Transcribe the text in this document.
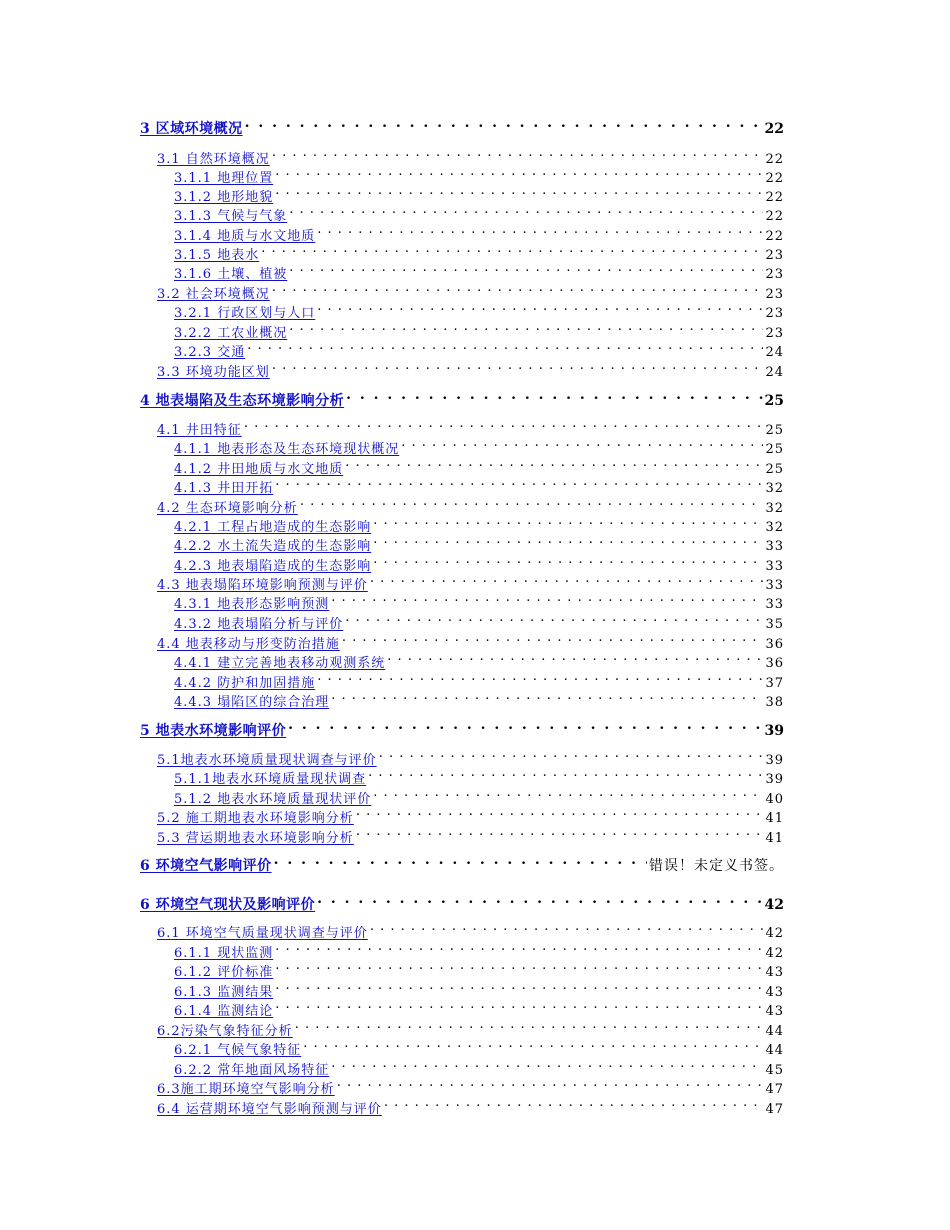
3 区域环境概况 . . .	22
3.1 自然环境概况 . . .	22
3.1.1 地理位置 . . .	22
3.1.2 地形地貌 . . .	22
3.1.3 气候与气象 . . .	22
3.1.4 地质与水文地质 . . .	22
3.1.5 地表水 . . .	23
3.1.6 土壤、植被 . . .	23
3.2 社会环境概况 . . .	23
3.2.1 行政区划与人口 . . .	23
3.2.2 工农业概况 . . .	23
3.2.3 交通 . . .	24
3.3 环境功能区划 . . .	24
4 地表塌陷及生态环境影响分析 . . .	25
4.1 井田特征 . . .	25
4.1.1 地表形态及生态环境现状概况 . . .	25
4.1.2 井田地质与水文地质 . . .	25
4.1.3 井田开拓 . . .	32
4.2 生态环境影响分析 . . .	32
4.2.1 工程占地造成的生态影响 . . .	32
4.2.2 水土流失造成的生态影响 . . .	33
4.2.3 地表塌陷造成的生态影响 . . .	33
4.3 地表塌陷环境影响预测与评价 . . .	33
4.3.1 地表形态影响预测 . . .	33
4.3.2 地表塌陷分析与评价 . . .	35
4.4 地表移动与形变防治措施 . . .	36
4.4.1 建立完善地表移动观测系统 . . .	36
4.4.2 防护和加固措施 . . .	37
4.4.3 塌陷区的综合治理 . . .	38
5 地表水环境影响评价 . . .	39
5.1地表水环境质量现状调查与评价 . . .	39
5.1.1地表水环境质量现状调查 . . .	39
5.1.2 地表水环境质量现状评价 . . .	40
5.2 施工期地表水环境影响分析 . . .	41
5.3 营运期地表水环境影响分析 . . .	41
6 环境空气影响评价 . . .	错误！未定义书签。
6 环境空气现状及影响评价 . . .	42
6.1 环境空气质量现状调查与评价 . . .	42
6.1.1 现状监测 . . .	42
6.1.2 评价标准 . . .	43
6.1.3 监测结果 . . .	43
6.1.4 监测结论 . . .	43
6.2污染气象特征分析 . . .	44
6.2.1 气候气象特征 . . .	44
6.2.2 常年地面风场特征 . . .	45
6.3施工期环境空气影响分析 . . .	47
6.4 运营期环境空气影响预测与评价 . . .	47
